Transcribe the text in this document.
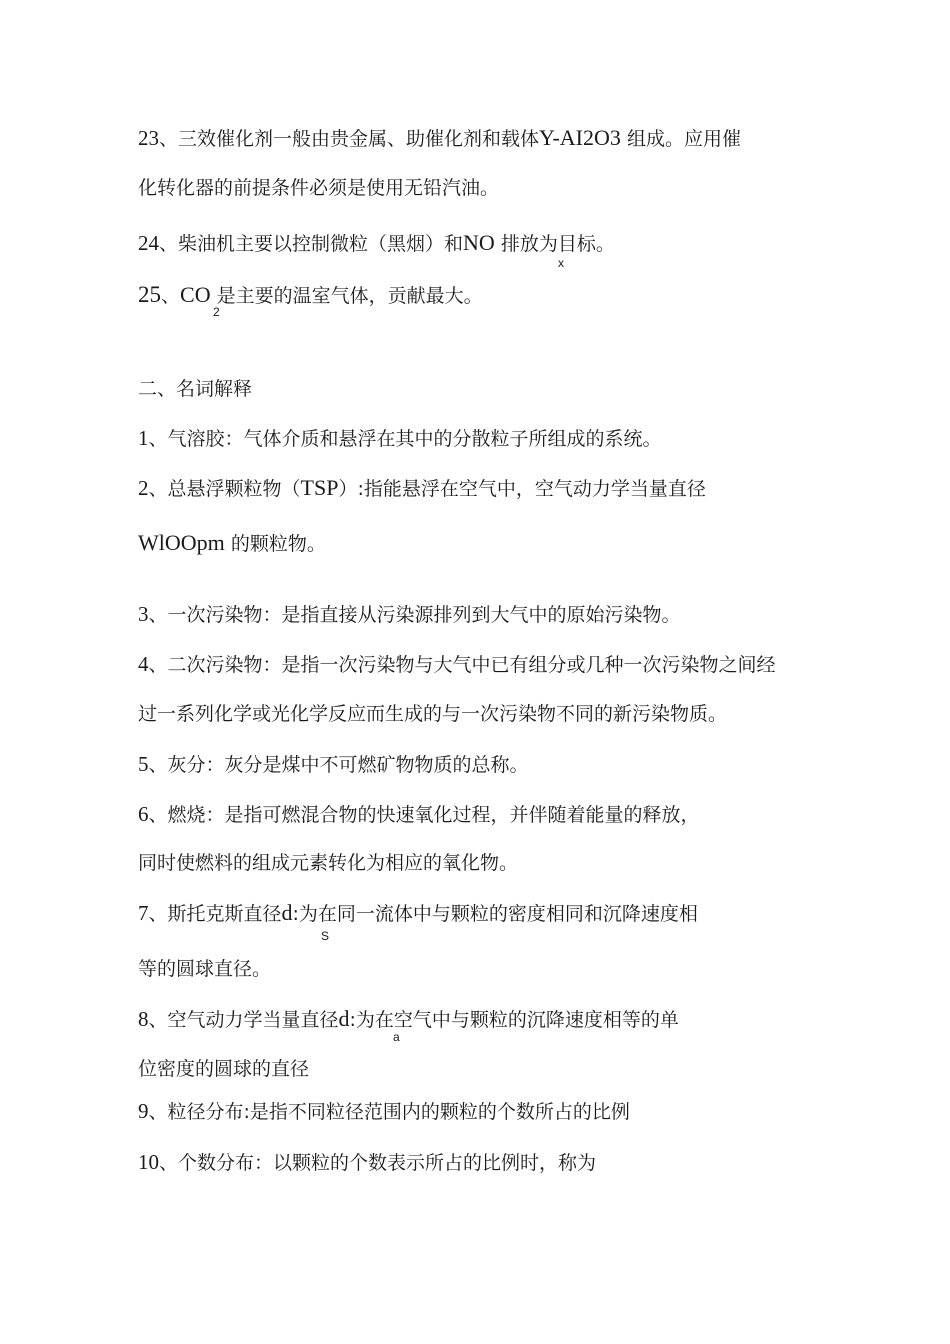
23、三效催化剂一般由贵金属、助催化剂和载体Y-AI2O3 组成。应用催

化转化器的前提条件必须是使用无铅汽油。

24、柴油机主要以控制微粒（黑烟）和NO 排放为目标。

x

25、CO 是主要的温室气体，贡献最大。

2

二、名词解释

1、气溶胶：气体介质和悬浮在其中的分散粒子所组成的系统。

2、总悬浮颗粒物（TSP）:指能悬浮在空气中，空气动力学当量直径

WlOOpm 的颗粒物。

3、一次污染物：是指直接从污染源排列到大气中的原始污染物。

4、二次污染物：是指一次污染物与大气中已有组分或几种一次污染物之间经

过一系列化学或光化学反应而生成的与一次污染物不同的新污染物质。

5、灰分：灰分是煤中不可燃矿物物质的总称。

6、燃烧：是指可燃混合物的快速氧化过程，并伴随着能量的释放，

同时使燃料的组成元素转化为相应的氧化物。

7、斯托克斯直径d:为在同一流体中与颗粒的密度相同和沉降速度相

S

等的圆球直径。

8、空气动力学当量直径d:为在空气中与颗粒的沉降速度相等的单

a

位密度的圆球的直径

9、粒径分布:是指不同粒径范围内的颗粒的个数所占的比例

10、个数分布：以颗粒的个数表示所占的比例时，称为
